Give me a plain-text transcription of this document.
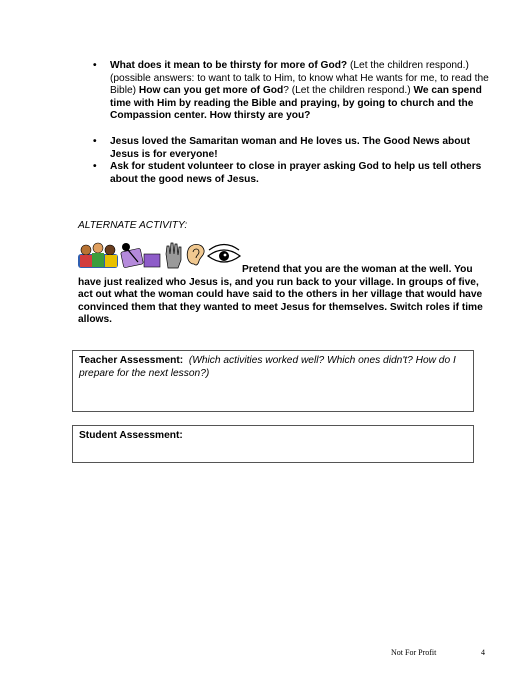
• What does it mean to be thirsty for more of God? (Let the children respond.) (possible answers: to want to talk to Him, to know what He wants for me, to read the Bible) How can you get more of God? (Let the children respond.) We can spend time with Him by reading the Bible and praying, by going to church and the Compassion center. How thirsty are you?
• Jesus loved the Samaritan woman and He loves us. The Good News about Jesus is for everyone!
• Ask for student volunteer to close in prayer asking God to help us tell others about the good news of Jesus.
ALTERNATE ACTIVITY:
Pretend that you are the woman at the well. You have just realized who Jesus is, and you run back to your village. In groups of five, act out what the woman could have said to the others in her village that would have convinced them that they wanted to meet Jesus for themselves. Switch roles if time allows.
Teacher Assessment: (Which activities worked well? Which ones didn't? How do I prepare for the next lesson?)
Student Assessment:
Not For Profit	4
